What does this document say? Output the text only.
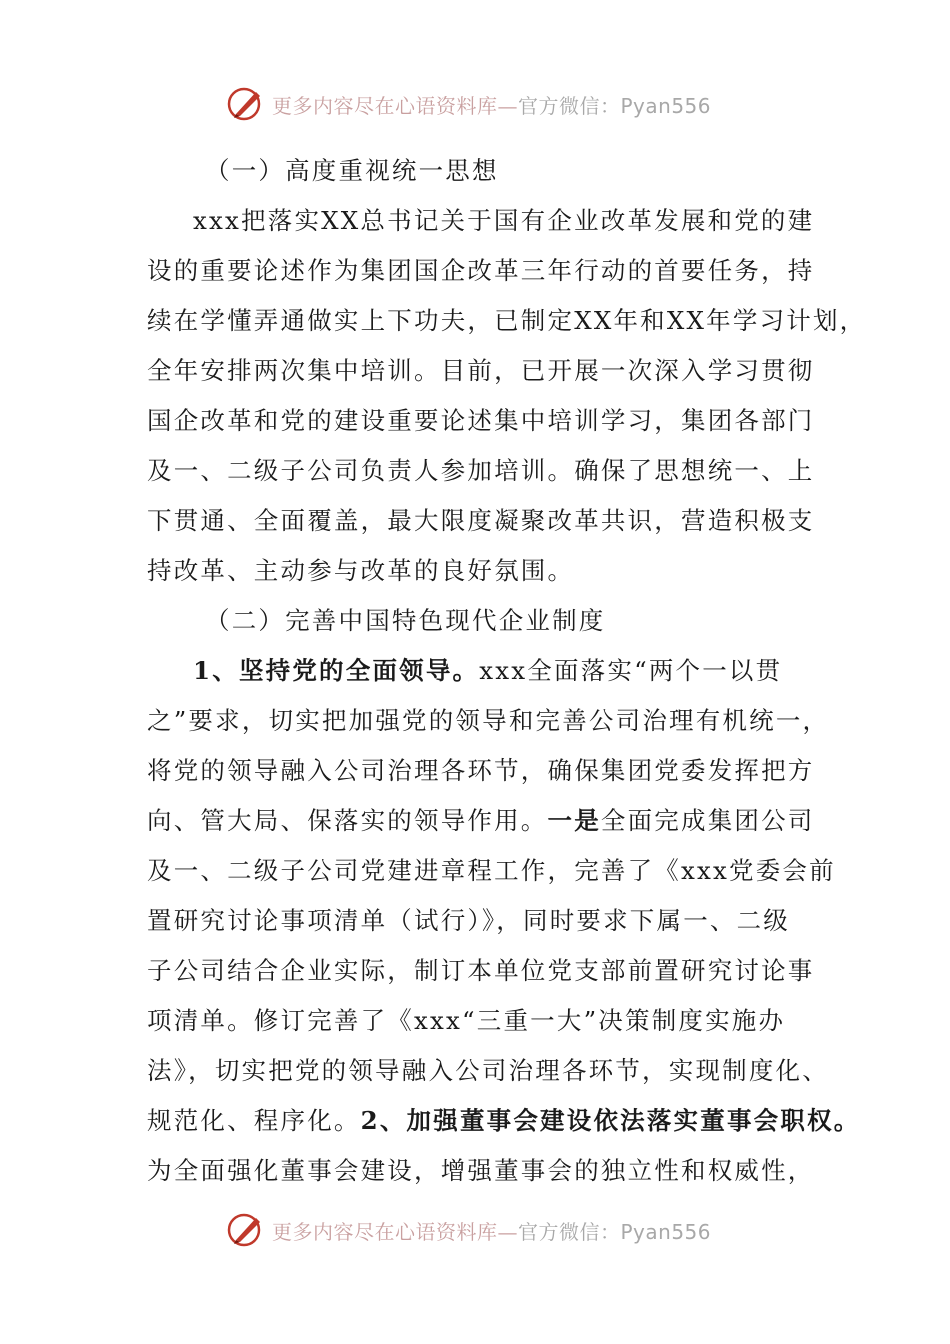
更多内容尽在心语资料库—官方微信：Pyan556
（一）高度重视统一思想
xxx把落实XX总书记关于国有企业改革发展和党的建
设的重要论述作为集团国企改革三年行动的首要任务，持
续在学懂弄通做实上下功夫，已制定XX年和XX年学习计划，
全年安排两次集中培训。目前，已开展一次深入学习贯彻
国企改革和党的建设重要论述集中培训学习，集团各部门
及一、二级子公司负责人参加培训。确保了思想统一、上
下贯通、全面覆盖，最大限度凝聚改革共识，营造积极支
持改革、主动参与改革的良好氛围。
（二）完善中国特色现代企业制度
1、坚持党的全面领导。xxx全面落实“两个一以贯
之”要求，切实把加强党的领导和完善公司治理有机统一，
将党的领导融入公司治理各环节，确保集团党委发挥把方
向、管大局、保落实的领导作用。一是全面完成集团公司
及一、二级子公司党建进章程工作，完善了《xxx党委会前
置研究讨论事项清单（试行）》，同时要求下属一、二级
子公司结合企业实际，制订本单位党支部前置研究讨论事
项清单。修订完善了《xxx“三重一大”决策制度实施办
法》，切实把党的领导融入公司治理各环节，实现制度化、
规范化、程序化。2、加强董事会建设依法落实董事会职权。
为全面强化董事会建设，增强董事会的独立性和权威性，
更多内容尽在心语资料库—官方微信：Pyan556
